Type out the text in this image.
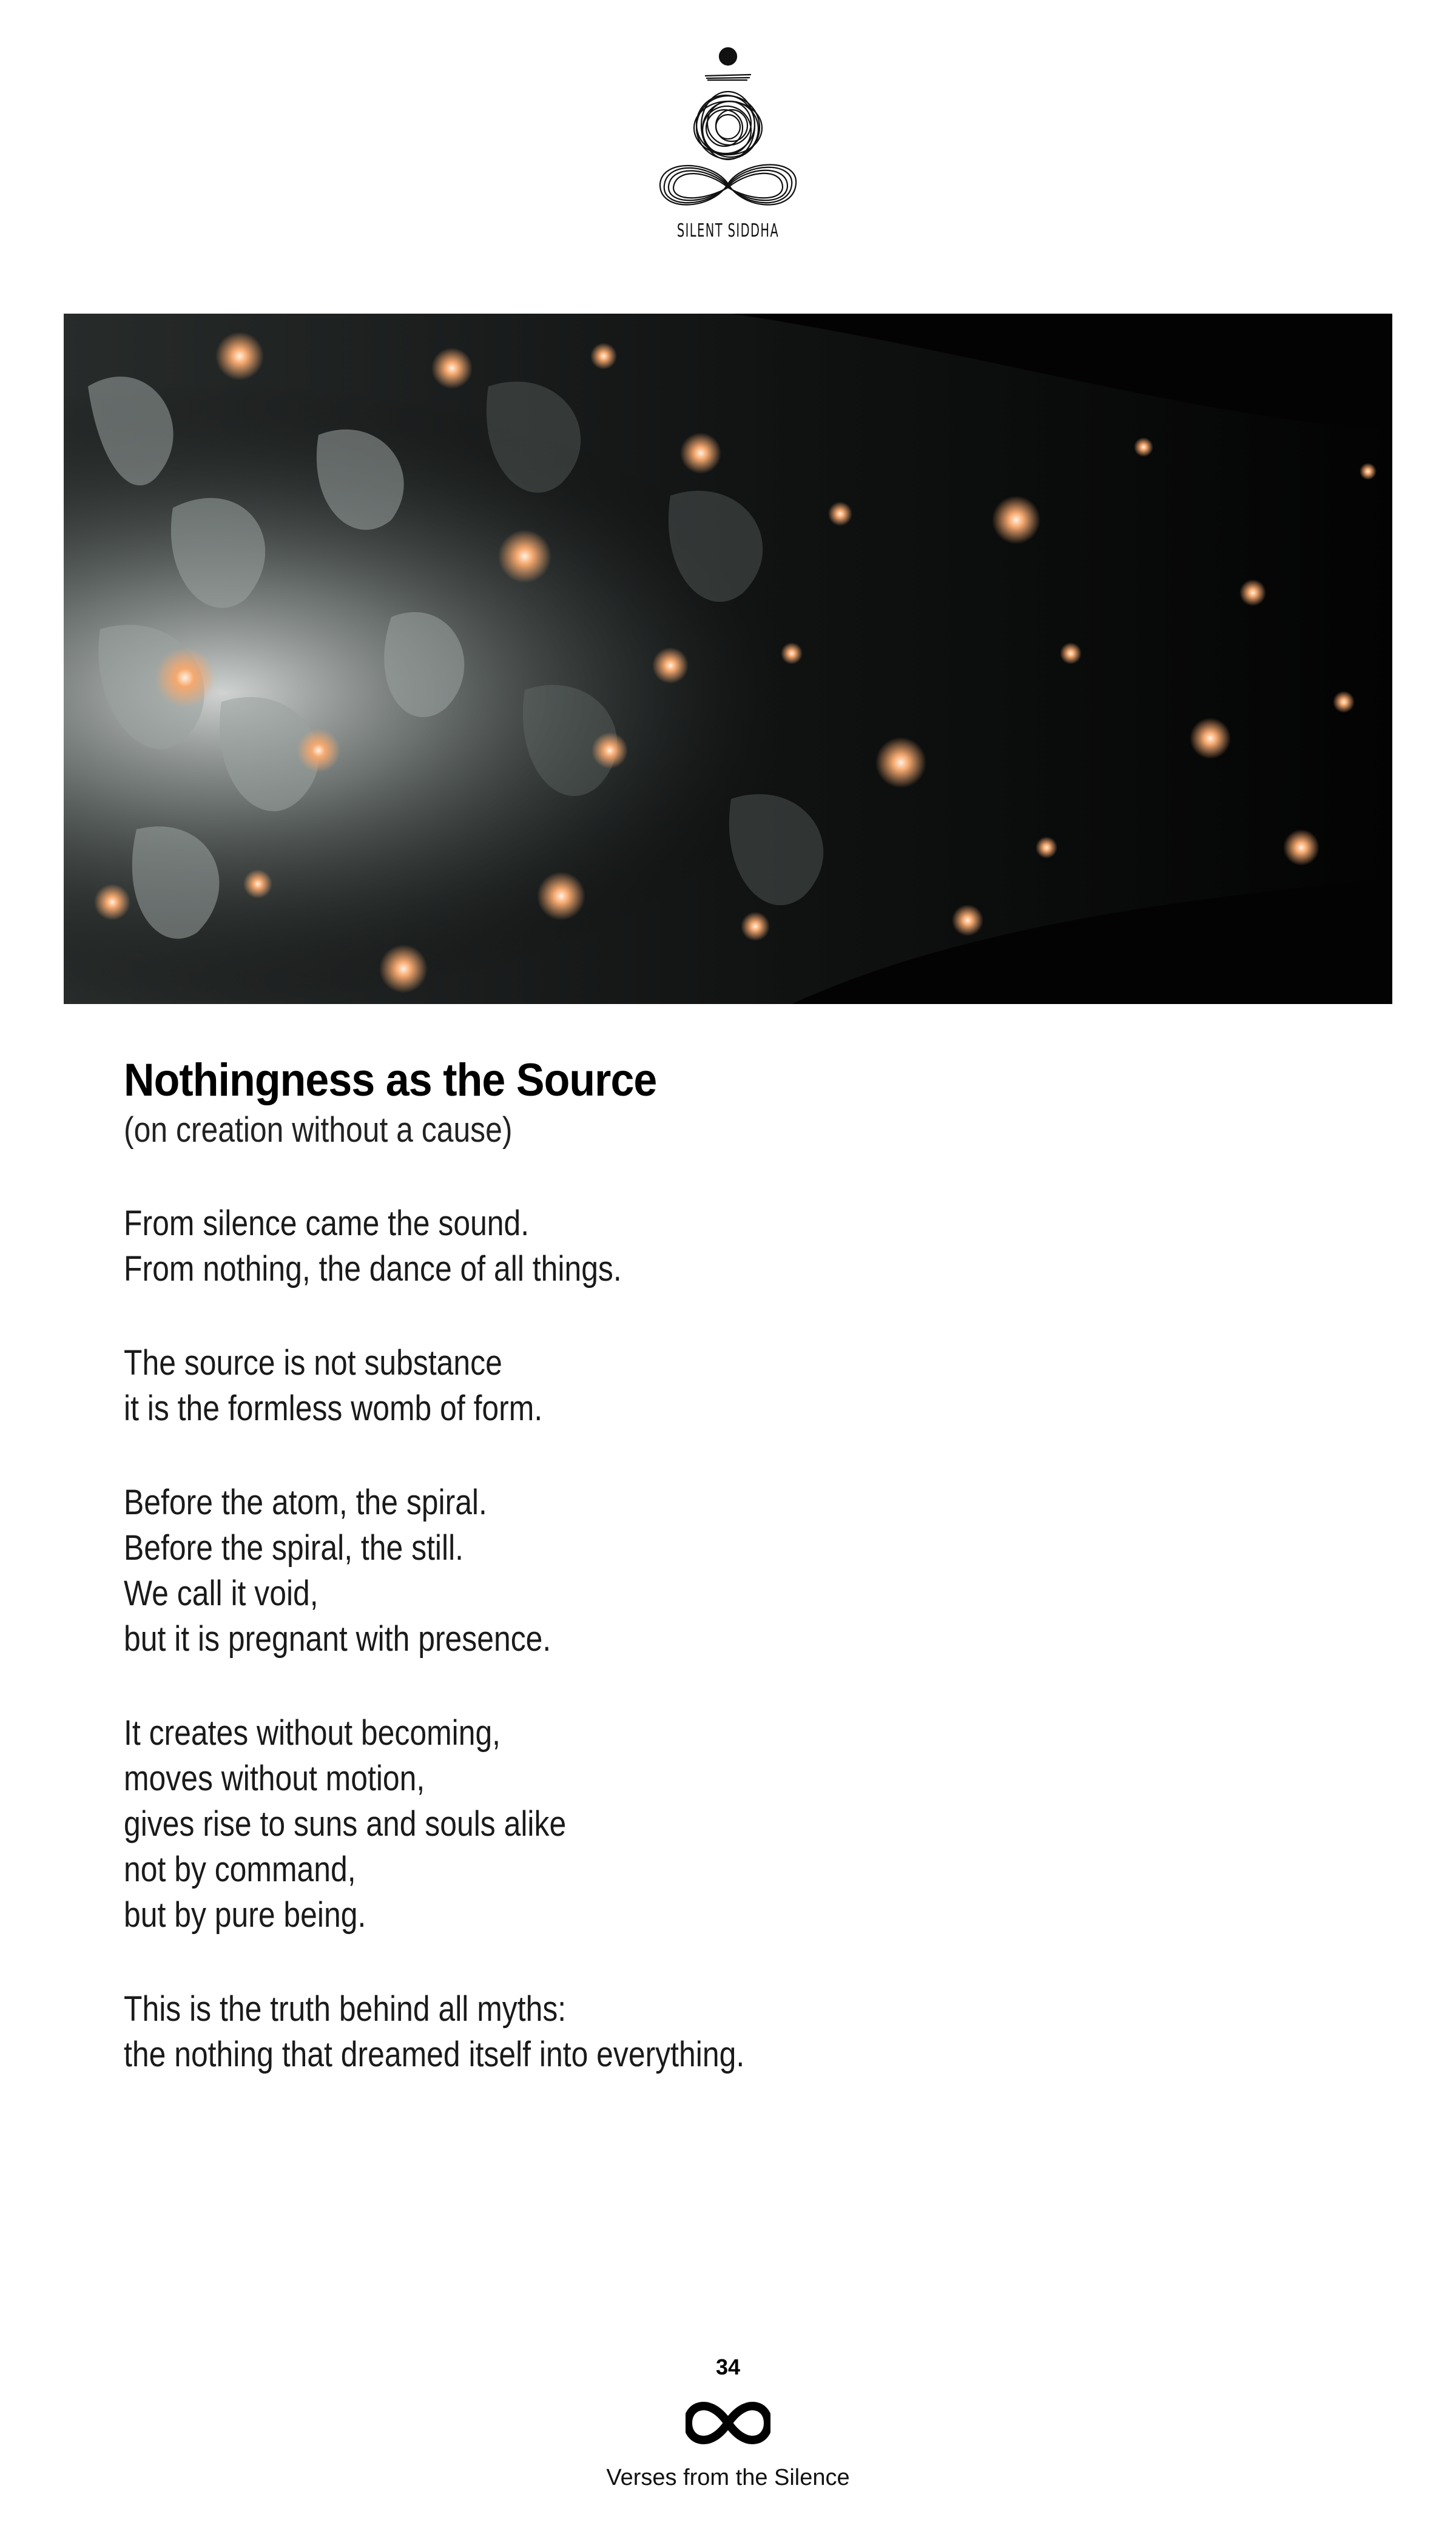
SILENT SIDDHA
Nothingness as the Source
(on creation without a cause)
From silence came the sound.
From nothing, the dance of all things.
The source is not substance
it is the formless womb of form.
Before the atom, the spiral.
Before the spiral, the still.
We call it void,
but it is pregnant with presence.
It creates without becoming,
moves without motion,
gives rise to suns and souls alike
not by command,
but by pure being.
This is the truth behind all myths:
the nothing that dreamed itself into everything.
34
Verses from the Silence
